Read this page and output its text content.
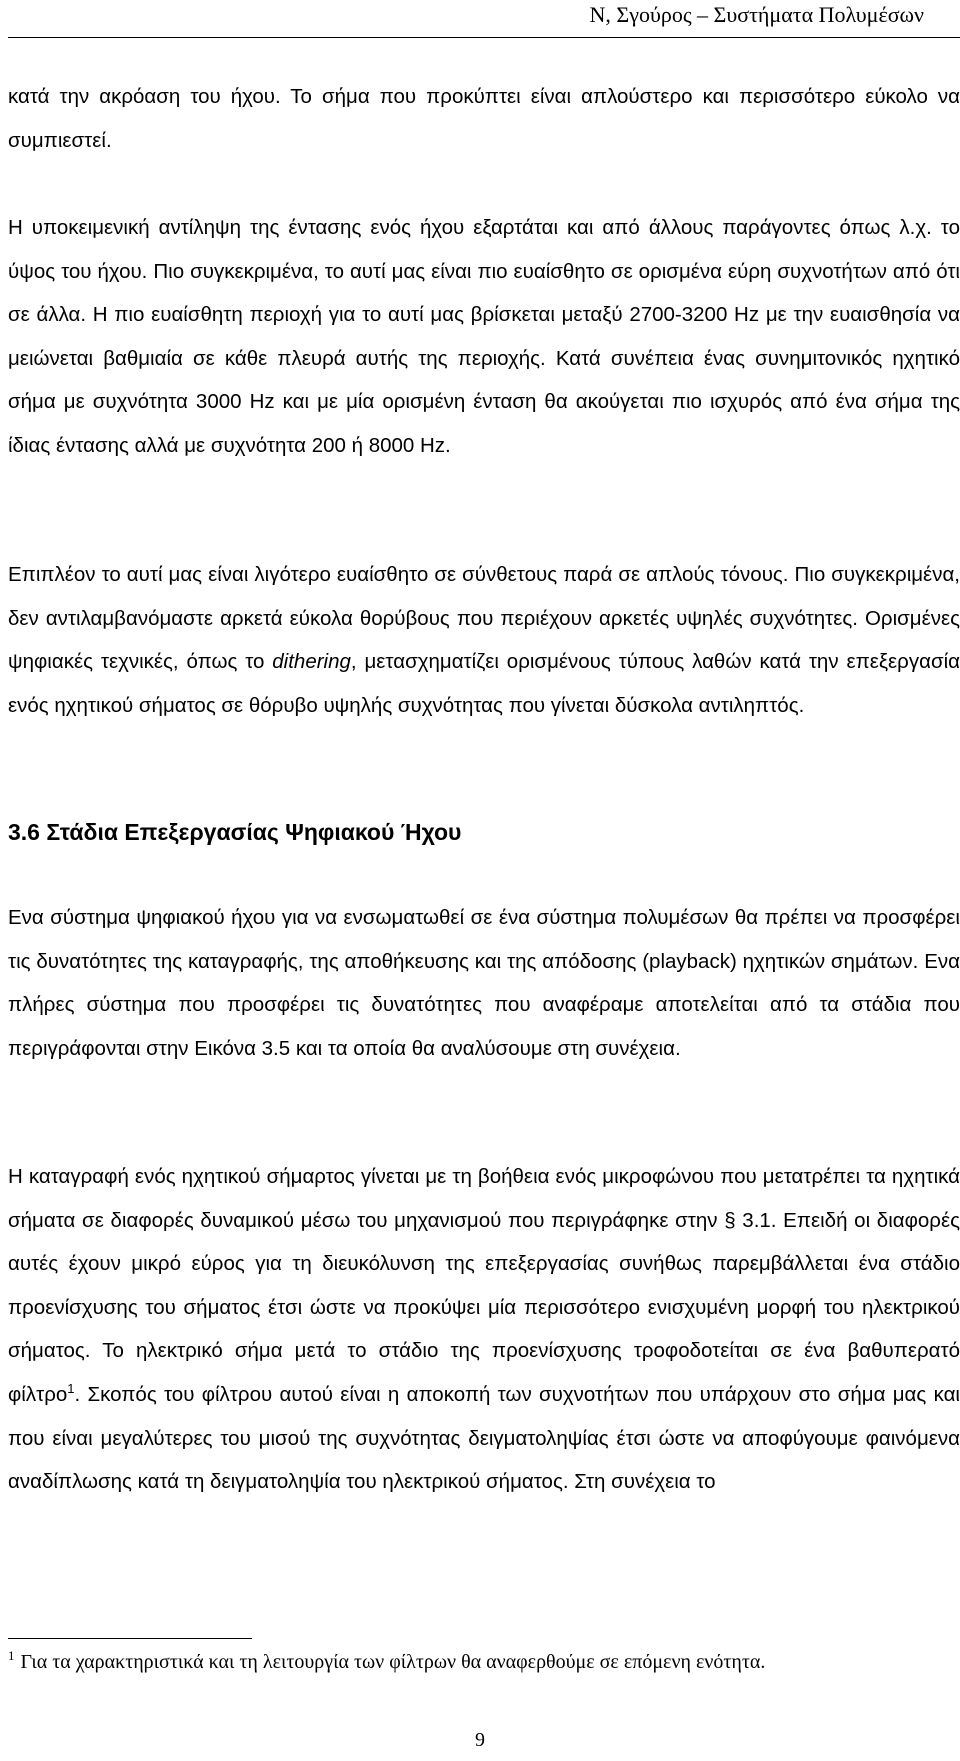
Ν, Σγούρος – Συστήματα Πολυμέσων

κατά την ακρόαση του ήχου. Το σήμα που προκύπτει είναι απλούστερο και περισσότερο εύκολο να συμπιεστεί.

Η υποκειμενική αντίληψη της έντασης ενός ήχου εξαρτάται και από άλλους παράγοντες όπως λ.χ. το ύψος του ήχου. Πιο συγκεκριμένα, το αυτί μας είναι πιο ευαίσθητο σε ορισμένα εύρη συχνοτήτων από ότι σε άλλα. Η πιο ευαίσθητη περιοχή για το αυτί μας βρίσκεται μεταξύ 2700-3200 Hz με την ευαισθησία να μειώνεται βαθμιαία σε κάθε πλευρά αυτής της περιοχής. Κατά συνέπεια ένας συνημιτονικός ηχητικό σήμα με συχνότητα 3000 Hz και με μία ορισμένη ένταση θα ακούγεται πιο ισχυρός από ένα σήμα της ίδιας έντασης αλλά με συχνότητα 200 ή 8000 Hz.

Επιπλέον το αυτί μας είναι λιγότερο ευαίσθητο σε σύνθετους παρά σε απλούς τόνους. Πιο συγκεκριμένα, δεν αντιλαμβανόμαστε αρκετά εύκολα θορύβους που περιέχουν αρκετές υψηλές συχνότητες. Ορισμένες ψηφιακές τεχνικές, όπως το dithering, μετασχηματίζει ορισμένους τύπους λαθών κατά την επεξεργασία ενός ηχητικού σήματος σε θόρυβο υψηλής συχνότητας που γίνεται δύσκολα αντιληπτός.

3.6 Στάδια Επεξεργασίας Ψηφιακού Ήχου

Ενα σύστημα ψηφιακού ήχου για να ενσωματωθεί σε ένα σύστημα πολυμέσων θα πρέπει να προσφέρει τις δυνατότητες της καταγραφής, της αποθήκευσης και της απόδοσης (playback) ηχητικών σημάτων. Ενα πλήρες σύστημα που προσφέρει τις δυνατότητες που αναφέραμε αποτελείται από τα στάδια που περιγράφονται στην Εικόνα 3.5 και τα οποία θα αναλύσουμε στη συνέχεια.

Η καταγραφή ενός ηχητικού σήμαρτος γίνεται με τη βοήθεια ενός μικροφώνου που μετατρέπει τα ηχητικά σήματα σε διαφορές δυναμικού μέσω του μηχανισμού που περιγράφηκε στην § 3.1. Επειδή οι διαφορές αυτές έχουν μικρό εύρος για τη διευκόλυνση της επεξεργασίας συνήθως παρεμβάλλεται ένα στάδιο προενίσχυσης του σήματος έτσι ώστε να προκύψει μία περισσότερο ενισχυμένη μορφή του ηλεκτρικού σήματος. Το ηλεκτρικό σήμα μετά το στάδιο της προενίσχυσης τροφοδοτείται σε ένα βαθυπερατό φίλτρο$^1$. Σκοπός του φίλτρου αυτού είναι η αποκοπή των συχνοτήτων που υπάρχουν στο σήμα μας και που είναι μεγαλύτερες του μισού της συχνότητας δειγματοληψίας έτσι ώστε να αποφύγουμε φαινόμενα αναδίπλωσης κατά τη δειγματοληψία του ηλεκτρικού σήματος. Στη συνέχεια το

$^1$ Για τα χαρακτηριστικά και τη λειτουργία των φίλτρων θα αναφερθούμε σε επόμενη ενότητα.
9
